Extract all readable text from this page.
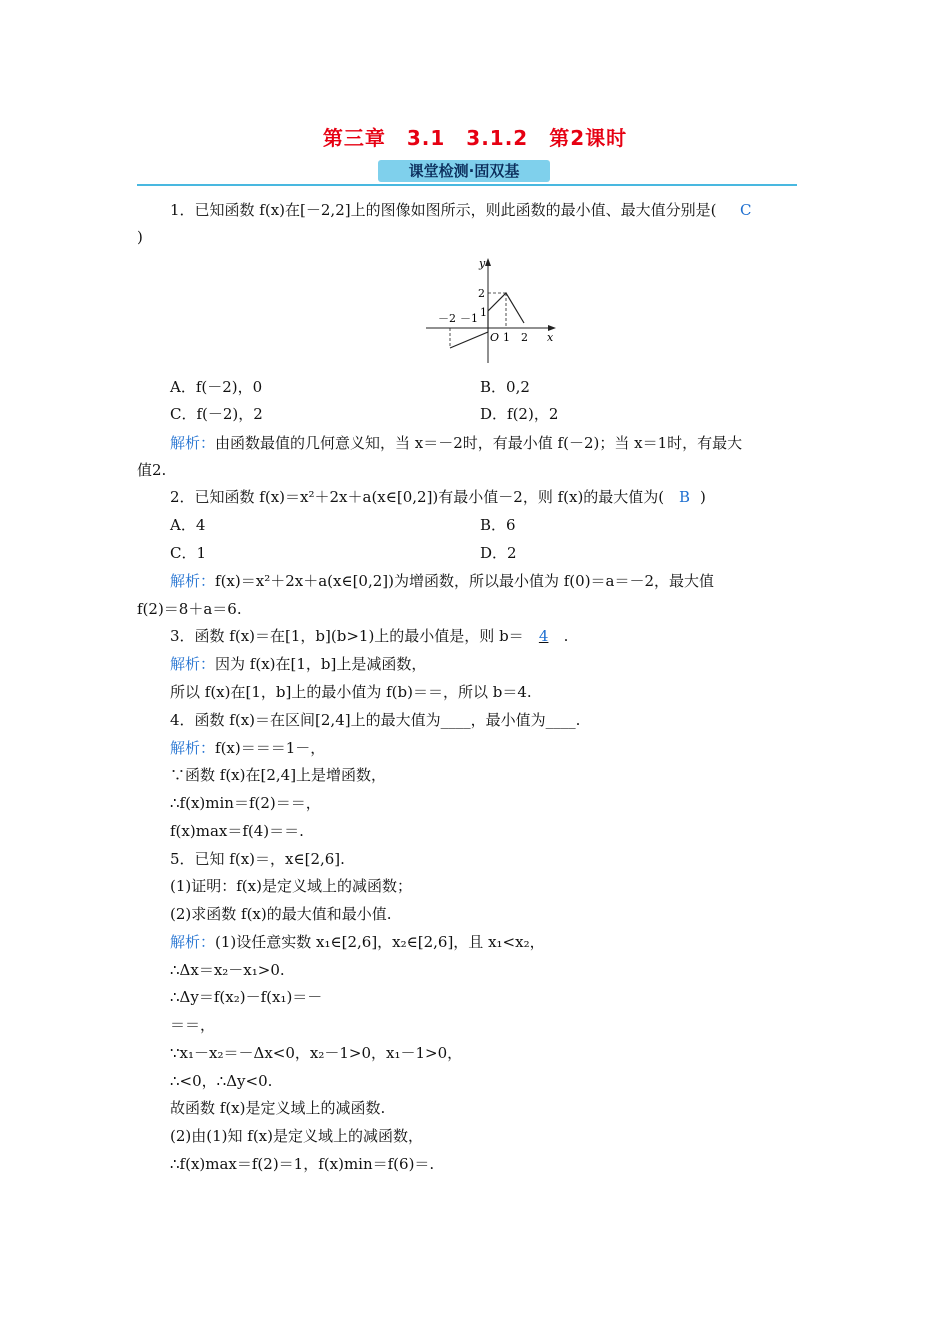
第三章　3.1　3.1.2　第2课时
课堂检测·固双基
1．已知函数 f(x)在[－2,2]上的图像如图所示，则此函数的最小值、最大值分别是( C
)
y
x
O
2
1
－2 －1
1 2
A．f(－2)，0	B．0,2
C．f(－2)，2	D．f(2)，2
解析：由函数最值的几何意义知，当 x＝－2时，有最小值 f(－2)；当 x＝1时，有最大
值2.
2．已知函数 f(x)＝x²＋2x＋a(x∈[0,2])有最小值－2，则 f(x)的最大值为( B )
A．4	B．6
C．1	D．2
解析：f(x)＝x²＋2x＋a(x∈[0,2])为增函数，所以最小值为 f(0)＝a＝－2，最大值
f(2)＝8＋a＝6.
3．函数 f(x)＝在[1，b](b>1)上的最小值是，则 b＝ 4 .
解析：因为 f(x)在[1，b]上是减函数，
所以 f(x)在[1，b]上的最小值为 f(b)＝＝，所以 b＝4.
4．函数 f(x)＝在区间[2,4]上的最大值为____，最小值为____.
解析：f(x)＝＝＝1－，
∵函数 f(x)在[2,4]上是增函数，
∴f(x)min＝f(2)＝＝，
f(x)max＝f(4)＝＝.
5．已知 f(x)＝，x∈[2,6].
(1)证明：f(x)是定义域上的减函数；
(2)求函数 f(x)的最大值和最小值.
解析：(1)设任意实数 x₁∈[2,6]，x₂∈[2,6]，且 x₁<x₂，
∴Δx＝x₂－x₁>0.
∴Δy＝f(x₂)－f(x₁)＝－
＝＝，
∵x₁－x₂＝－Δx<0，x₂－1>0，x₁－1>0，
∴<0，∴Δy<0.
故函数 f(x)是定义域上的减函数.
(2)由(1)知 f(x)是定义域上的减函数，
∴f(x)max＝f(2)＝1，f(x)min＝f(6)＝.
